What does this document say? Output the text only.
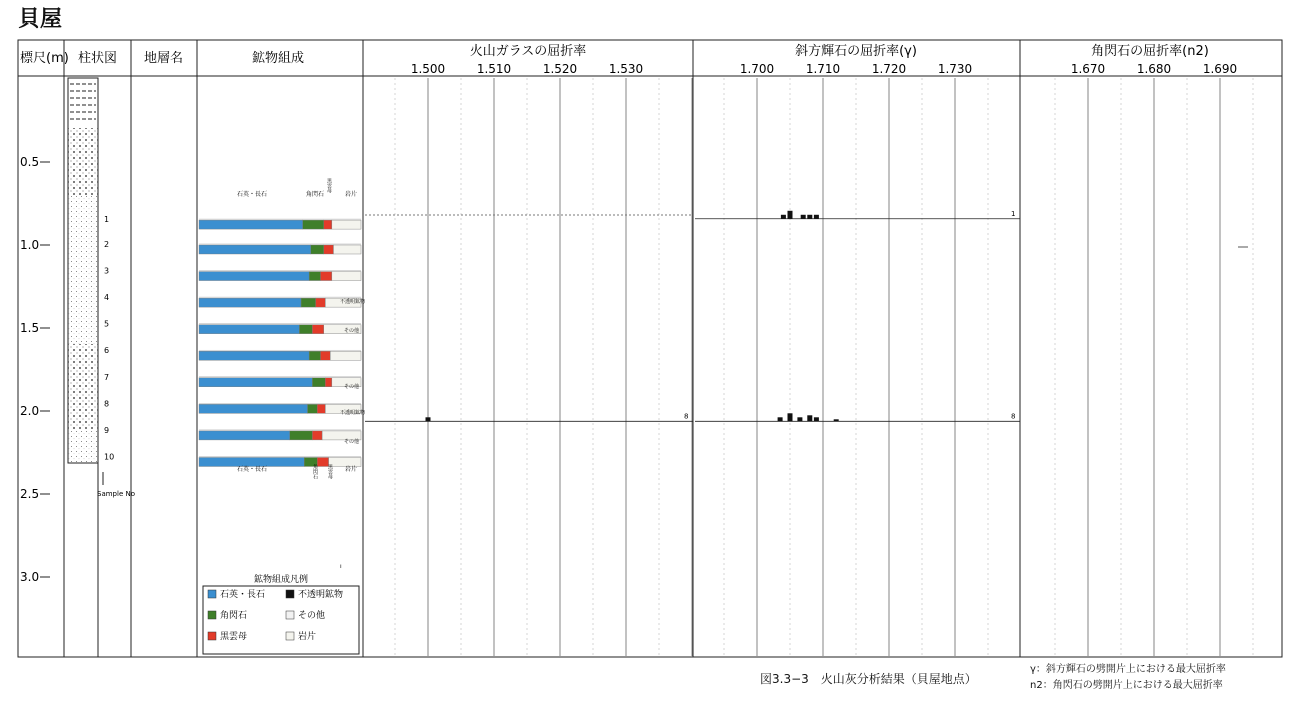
貝屋
標尺(m) 柱状図 地層名	鉱物組成	火山ガラスの屈折率	斜方輝石の屈折率(γ)	角閃石の屈折率(n2)
0.5
1.0
1.5
2.0
2.5
3.0
1
2
3
4
5
6
7
8
9
10
Sample No
石英・長石	角閃石
黒雲母
岩片
石英・長石	角閃石 黒雲母 岩片
不透明鉱物
その他
その他
不透明鉱物
その他
鉱物組成凡例
石英・長石	不透明鉱物
角閃石	その他
黒雲母	岩片
1.500	1.510	1.520	1.530
8
1.700	1.710	1.720	1.730
1
8
1.670	1.680	1.690
ı
図3.3−3　火山灰分析結果（貝屋地点）
γ：斜方輝石の劈開片上における最大屈折率
n2：角閃石の劈開片上における最大屈折率
